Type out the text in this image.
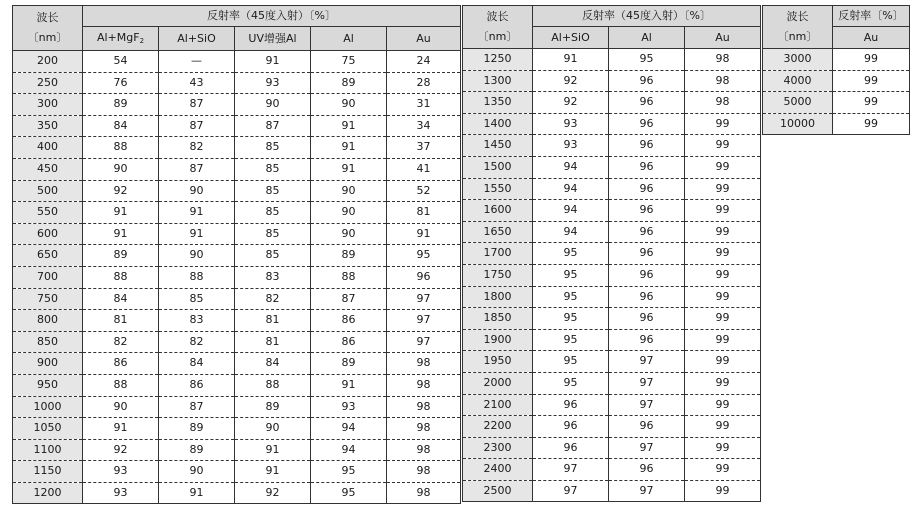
波长
〔nm〕	反射率（45度入射）〔%〕				
	Al+MgF2	Al+SiO	UV增强Al	Al	Au
200	54	—	91	75	24
250	76	43	93	89	28
300	89	87	90	90	31
350	84	87	87	91	34
400	88	82	85	91	37
450	90	87	85	91	41
500	92	90	85	90	52
550	91	91	85	90	81
600	91	91	85	90	91
650	89	90	85	89	95
700	88	88	83	88	96
750	84	85	82	87	97
800	81	83	81	86	97
850	82	82	81	86	97
900	86	84	84	89	98
950	88	86	88	91	98
1000	90	87	89	93	98
1050	91	89	90	94	98
1100	92	89	91	94	98
1150	93	90	91	95	98
1200	93	91	92	95	98
波长
〔nm〕	反射率（45度入射）〔%〕		
	Al+SiO	Al	Au
1250	91	95	98
1300	92	96	98
1350	92	96	98
1400	93	96	99
1450	93	96	99
1500	94	96	99
1550	94	96	99
1600	94	96	99
1650	94	96	99
1700	95	96	99
1750	95	96	99
1800	95	96	99
1850	95	96	99
1900	95	96	99
1950	95	97	99
2000	95	97	99
2100	96	97	99
2200	96	96	99
2300	96	97	99
2400	97	96	99
2500	97	97	99
波长
〔nm〕	反射率〔%〕
	Au
3000	99
4000	99
5000	99
10000	99
